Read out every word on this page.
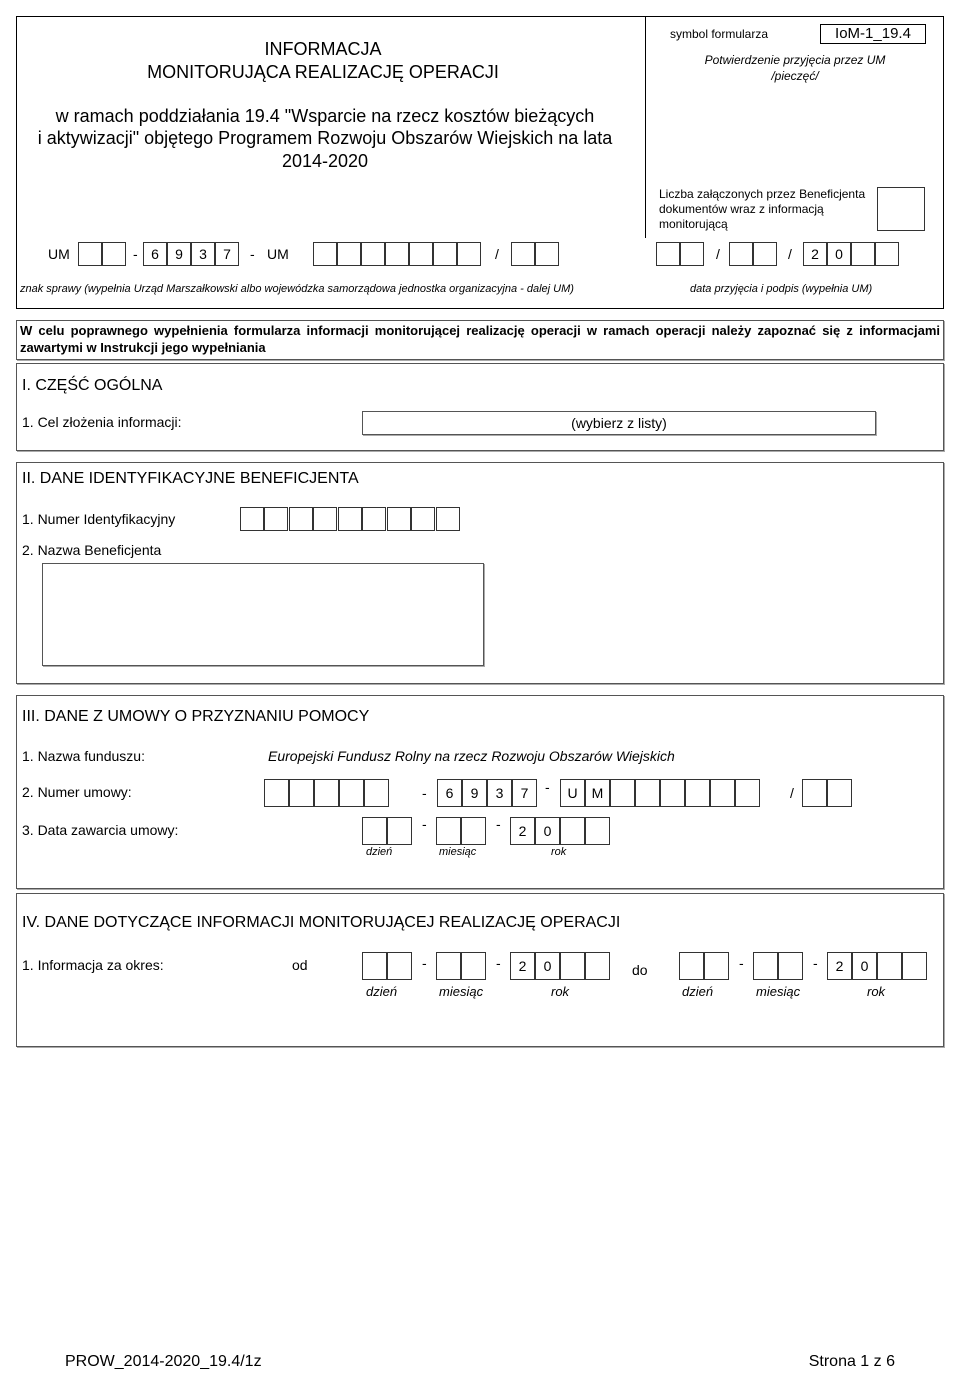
INFORMACJA
MONITORUJĄCA REALIZACJĘ OPERACJI
w ramach poddziałania 19.4 "Wsparcie na rzecz kosztów bieżących
i aktywizacji" objętego Programem Rozwoju Obszarów Wiejskich na lata
2014-2020
symbol formularza	IoM-1_19.4
Potwierdzenie przyjęcia przez UM
/pieczęć/
Liczba załączonych przez Beneficjenta
dokumentów wraz z informacją
monitorującą
UM	- 6	9	3	7	- UM	/	/	/	2	0
znak sprawy (wypełnia Urząd Marszałkowski albo wojewódzka samorządowa jednostka organizacyjna - dalej UM)	data przyjęcia i podpis (wypełnia UM)
W celu poprawnego wypełnienia formularza informacji monitorującej realizację operacji w ramach operacji należy zapoznać się z informacjami
zawartymi w Instrukcji jego wypełniania
I. CZĘŚĆ OGÓLNA
1. Cel złożenia informacji:	(wybierz z listy)
II. DANE IDENTYFIKACYJNE BENEFICJENTA
1. Numer Identyfikacyjny
2. Nazwa Beneficjenta
III. DANE Z UMOWY O PRZYZNANIU POMOCY
1. Nazwa funduszu:	Europejski Fundusz Rolny na rzecz Rozwoju Obszarów Wiejskich
2. Numer umowy:	-	6	9	3	7	-	U	M	/
3. Data zawarcia umowy:	-	-	2	0
dzień	miesiąc	rok
IV. DANE DOTYCZĄCE INFORMACJI MONITORUJĄCEJ REALIZACJĘ OPERACJI
1. Informacja za okres:	od	-	-	2	0	do	-	-	2	0
dzień	miesiąc	rok	dzień	miesiąc	rok
PROW_2014-2020_19.4/1z	Strona 1 z 6
